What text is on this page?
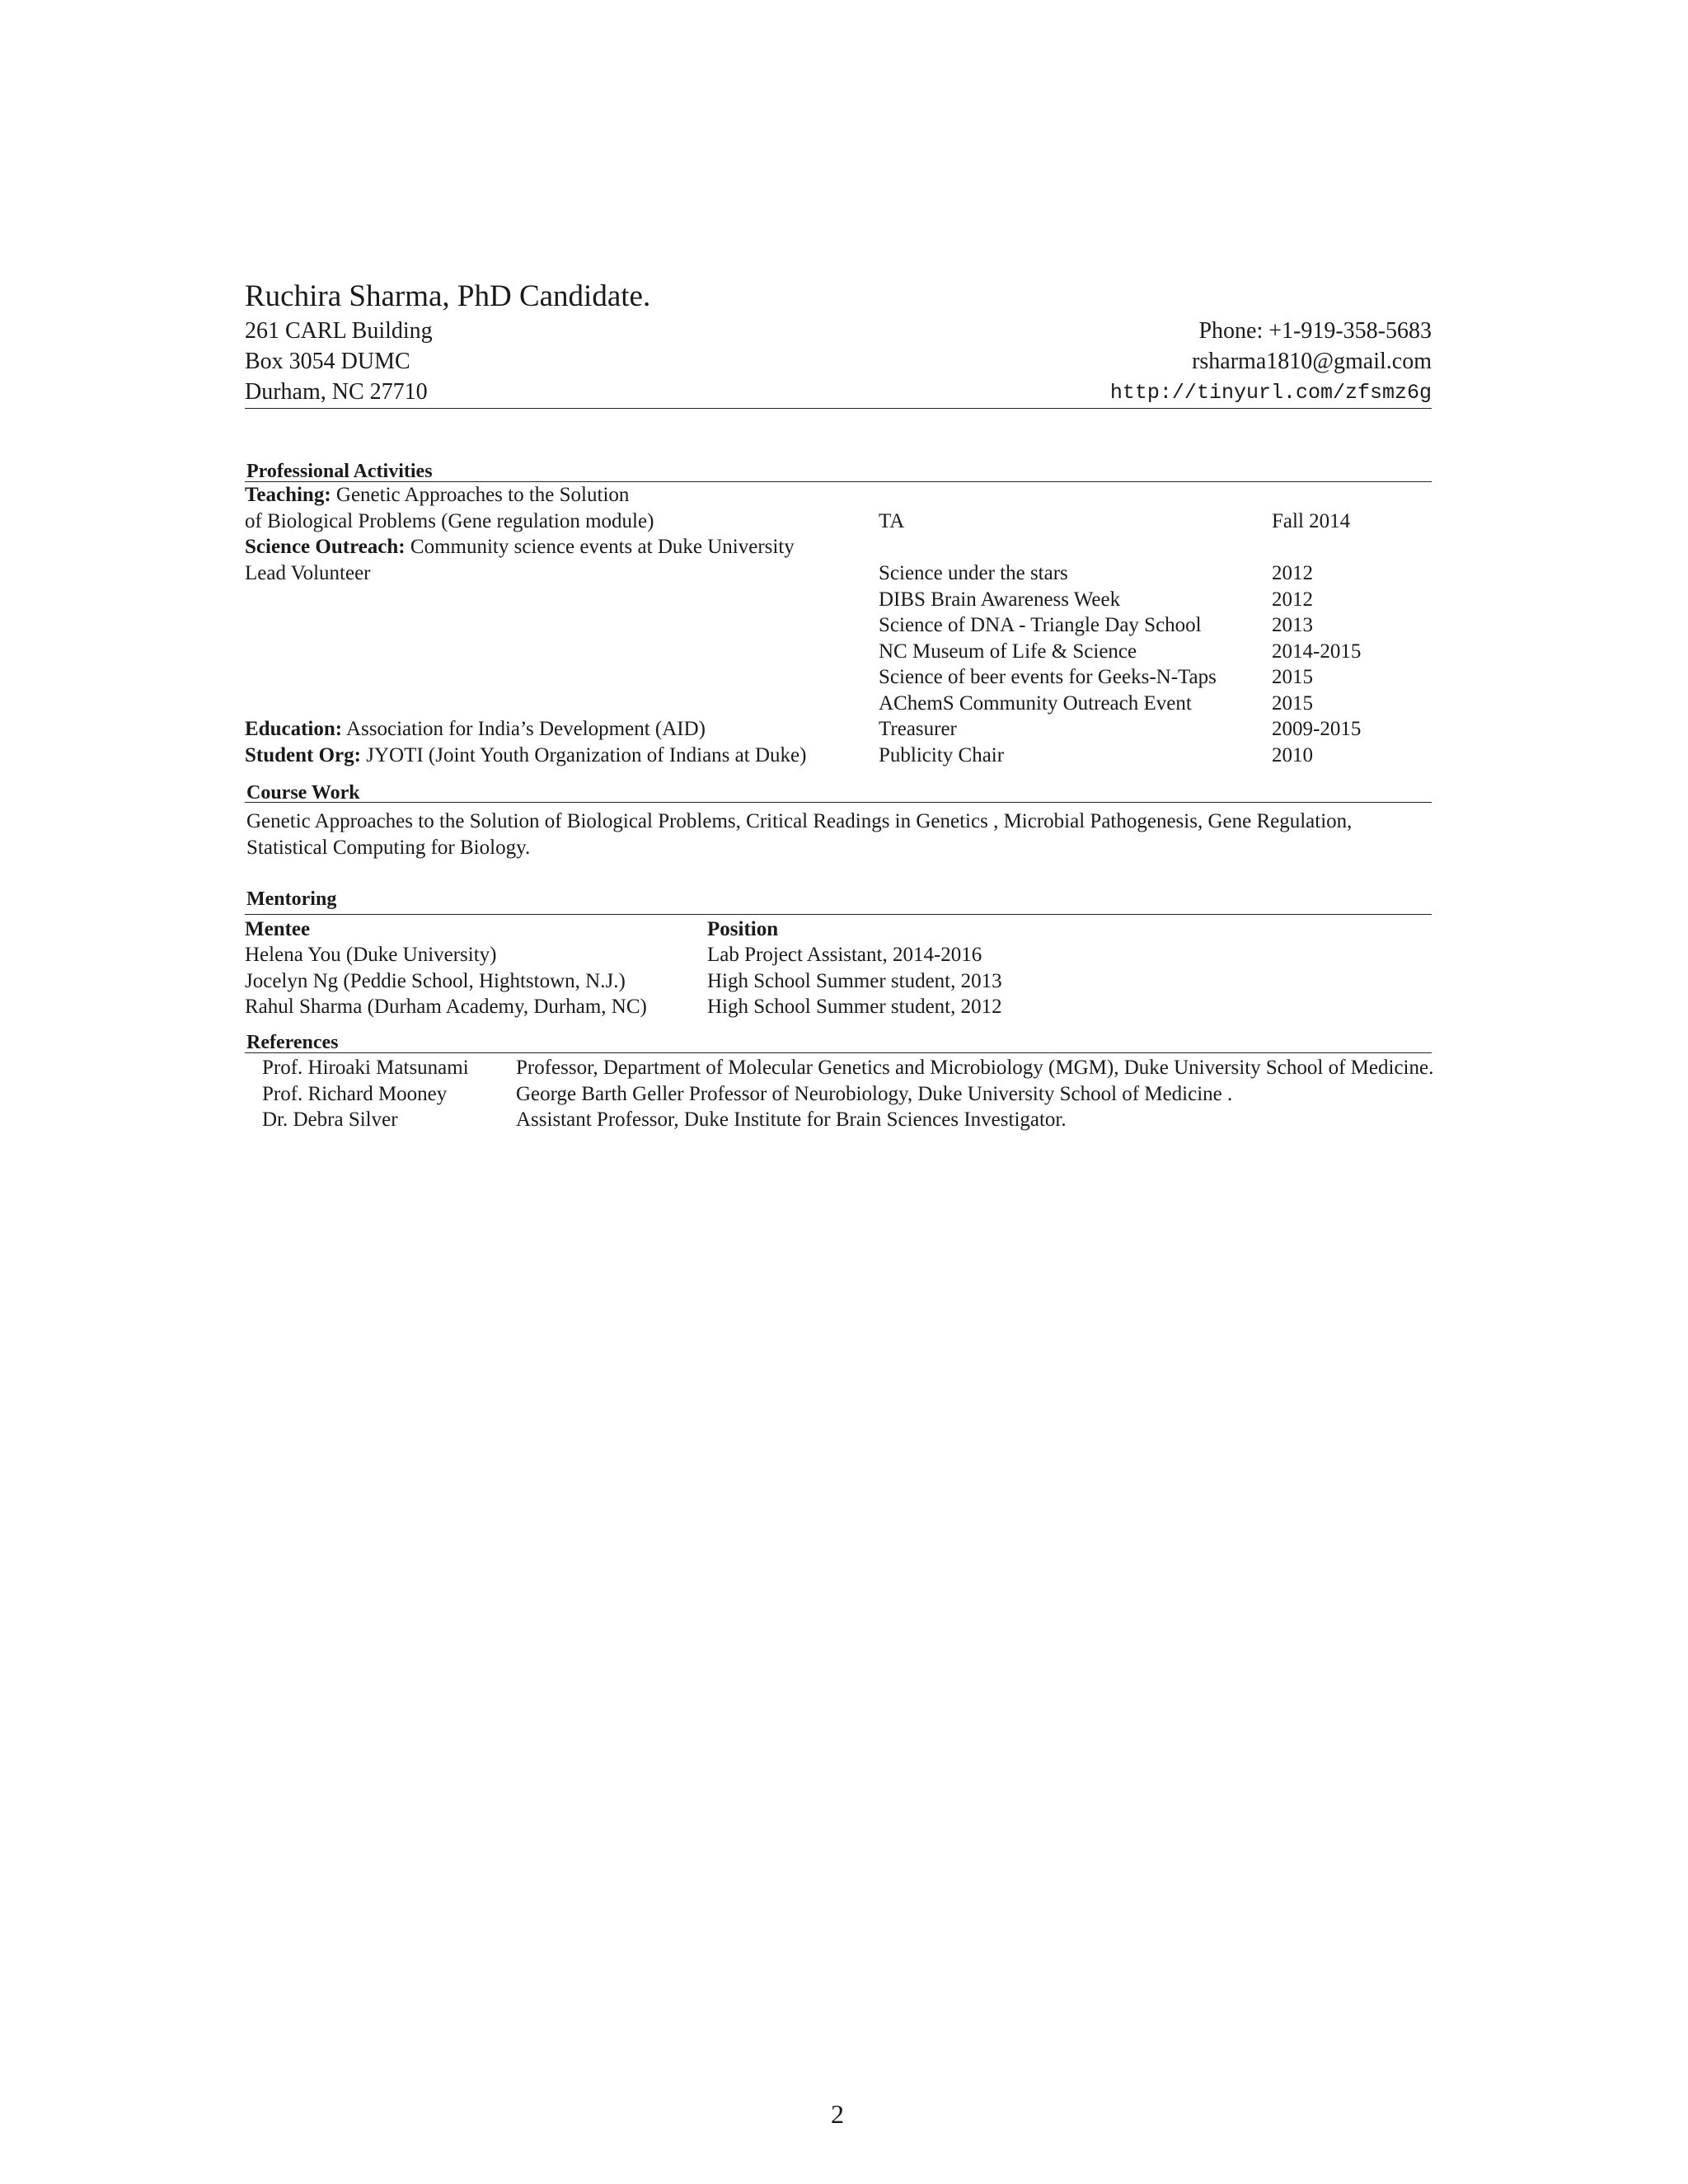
Ruchira Sharma, PhD Candidate.
261 CARL Building
Box 3054 DUMC
Durham, NC 27710
Phone: +1-919-358-5683
rsharma1810@gmail.com
http://tinyurl.com/zfsmz6g
Professional Activities
Teaching: Genetic Approaches to the Solution
of Biological Problems (Gene regulation module)	TA	Fall 2014
Science Outreach: Community science events at Duke University
Lead Volunteer	Science under the stars	2012
DIBS Brain Awareness Week	2012
Science of DNA - Triangle Day School	2013
NC Museum of Life & Science	2014-2015
Science of beer events for Geeks-N-Taps	2015
AChemS Community Outreach Event	2015
Education: Association for India’s Development (AID)	Treasurer	2009-2015
Student Org: JYOTI (Joint Youth Organization of Indians at Duke)	Publicity Chair	2010
Course Work
Genetic Approaches to the Solution of Biological Problems, Critical Readings in Genetics , Microbial Pathogenesis, Gene Regulation,
Statistical Computing for Biology.
Mentoring
Mentee	Position
Helena You (Duke University)	Lab Project Assistant, 2014-2016
Jocelyn Ng (Peddie School, Hightstown, N.J.)	High School Summer student, 2013
Rahul Sharma (Durham Academy, Durham, NC)	High School Summer student, 2012
References
Prof. Hiroaki Matsunami Professor, Department of Molecular Genetics and Microbiology (MGM), Duke University School of Medicine.
Prof. Richard Mooney	George Barth Geller Professor of Neurobiology, Duke University School of Medicine .
Dr. Debra Silver	Assistant Professor, Duke Institute for Brain Sciences Investigator.
2
